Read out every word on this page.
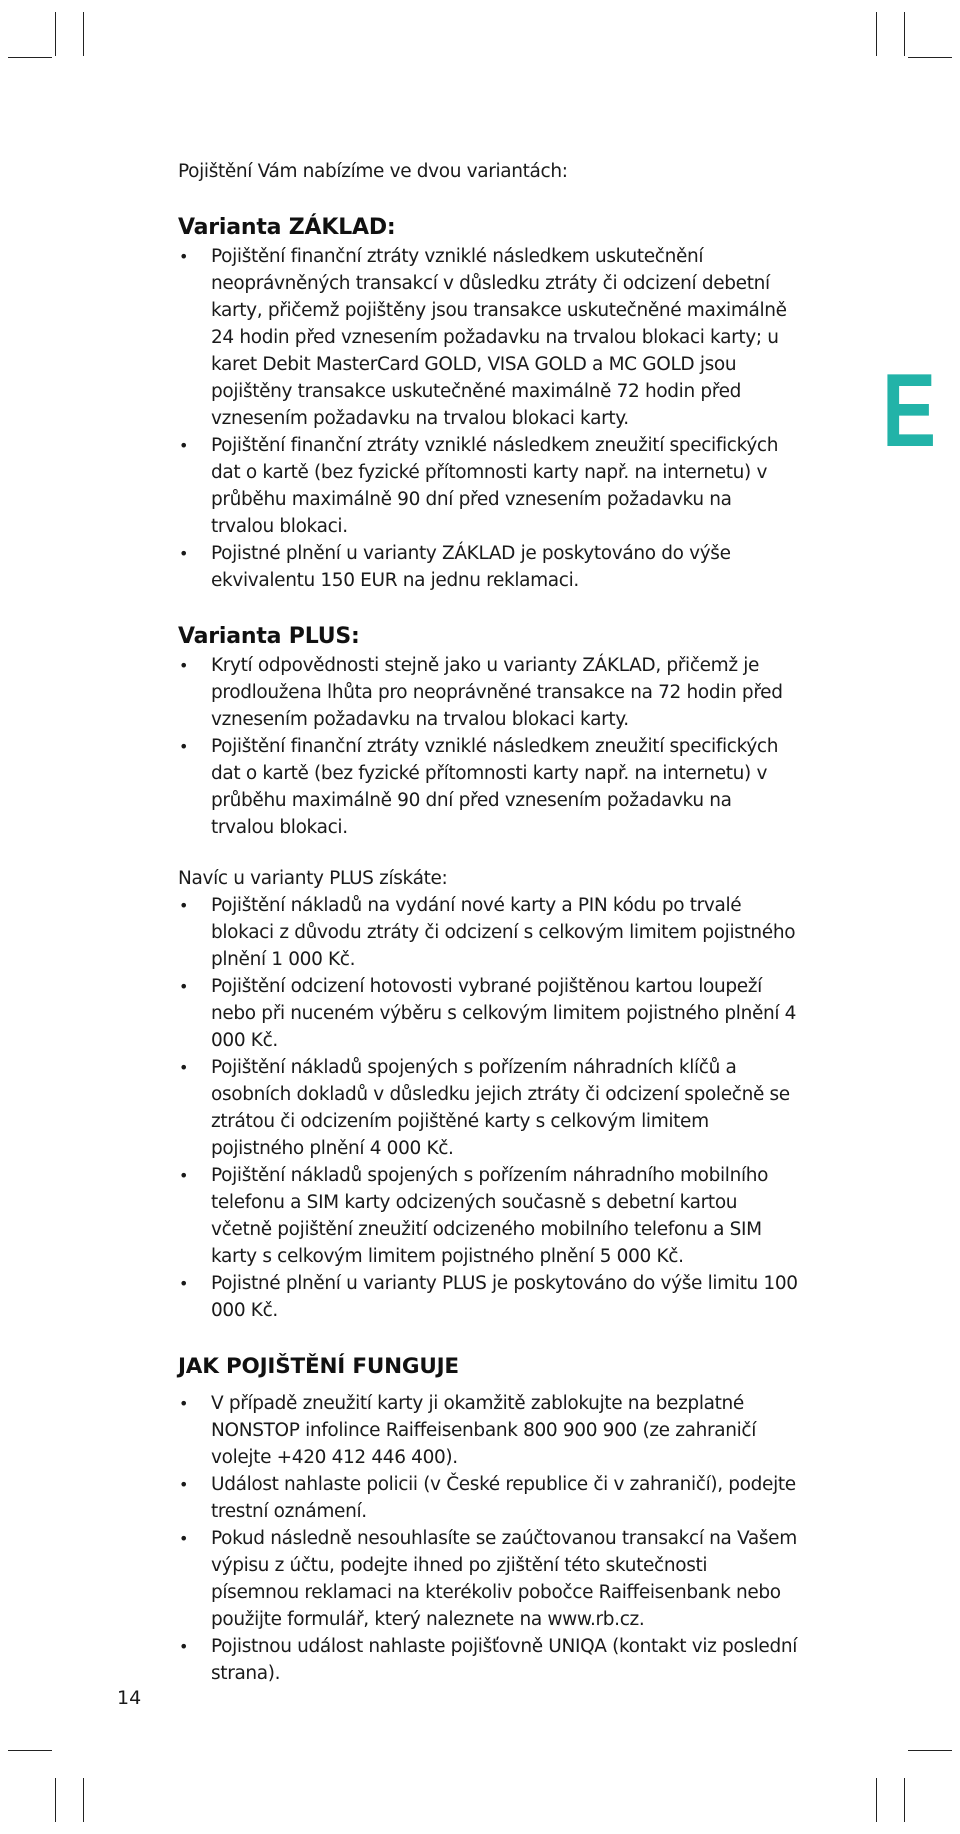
E

Pojištění Vám nabízíme ve dvou variantách:

Varianta ZÁKLAD:
• Pojištění finanční ztráty vzniklé následkem uskutečnění neoprávněných transakcí v důsledku ztráty či odcizení debetní karty, přičemž pojištěny jsou transakce uskutečněné maximálně 24 hodin před vznesením požadavku na trvalou blokaci karty; u karet Debit MasterCard GOLD, VISA GOLD a MC GOLD jsou pojištěny transakce uskutečněné maximálně 72 hodin před vznesením požadavku na trvalou blokaci karty.
• Pojištění finanční ztráty vzniklé následkem zneužití specifických dat o kartě (bez fyzické přítomnosti karty např. na internetu) v průběhu maximálně 90 dní před vznesením požadavku na trvalou blokaci.
• Pojistné plnění u varianty ZÁKLAD je poskytováno do výše ekvivalentu 150 EUR na jednu reklamaci.
Varianta PLUS:
• Krytí odpovědnosti stejně jako u varianty ZÁKLAD, přičemž je prodloužena lhůta pro neoprávněné transakce na 72 hodin před vznesením požadavku na trvalou blokaci karty.
• Pojištění finanční ztráty vzniklé následkem zneužití specifických dat o kartě (bez fyzické přítomnosti karty např. na internetu) v průběhu maximálně 90 dní před vznesením požadavku na trvalou blokaci.

Navíc u varianty PLUS získáte:

• Pojištění nákladů na vydání nové karty a PIN kódu po trvalé blokaci z důvodu ztráty či odcizení s celkovým limitem pojistného plnění 1 000 Kč.
• Pojištění odcizení hotovosti vybrané pojištěnou kartou loupeží nebo při nuceném výběru s celkovým limitem pojistného plnění 4 000 Kč.
• Pojištění nákladů spojených s pořízením náhradních klíčů a osobních dokladů v důsledku jejich ztráty či odcizení společně se ztrátou či odcizením pojištěné karty s celkovým limitem pojistného plnění 4 000 Kč.
• Pojištění nákladů spojených s pořízením náhradního mobilního telefonu a SIM karty odcizených současně s debetní kartou včetně pojištění zneužití odcizeného mobilního telefonu a SIM karty s celkovým limitem pojistného plnění 5 000 Kč.
• Pojistné plnění u varianty PLUS je poskytováno do výše limitu 100 000 Kč.
JAK POJIŠTĚNÍ FUNGUJE
• V případě zneužití karty ji okamžitě zablokujte na bezplatné NONSTOP infolince Raiffeisenbank 800 900 900 (ze zahraničí volejte +420 412 446 400).
• Událost nahlaste policii (v České republice či v zahraničí), podejte trestní oznámení.
• Pokud následně nesouhlasíte se zaúčtovanou transakcí na Vašem výpisu z účtu, podejte ihned po zjištění této skutečnosti písemnou reklamaci na kterékoliv pobočce Raiffeisenbank nebo použijte formulář, který naleznete na www.rb.cz.
• Pojistnou událost nahlaste pojišťovně UNIQA (kontakt viz poslední strana).
14
